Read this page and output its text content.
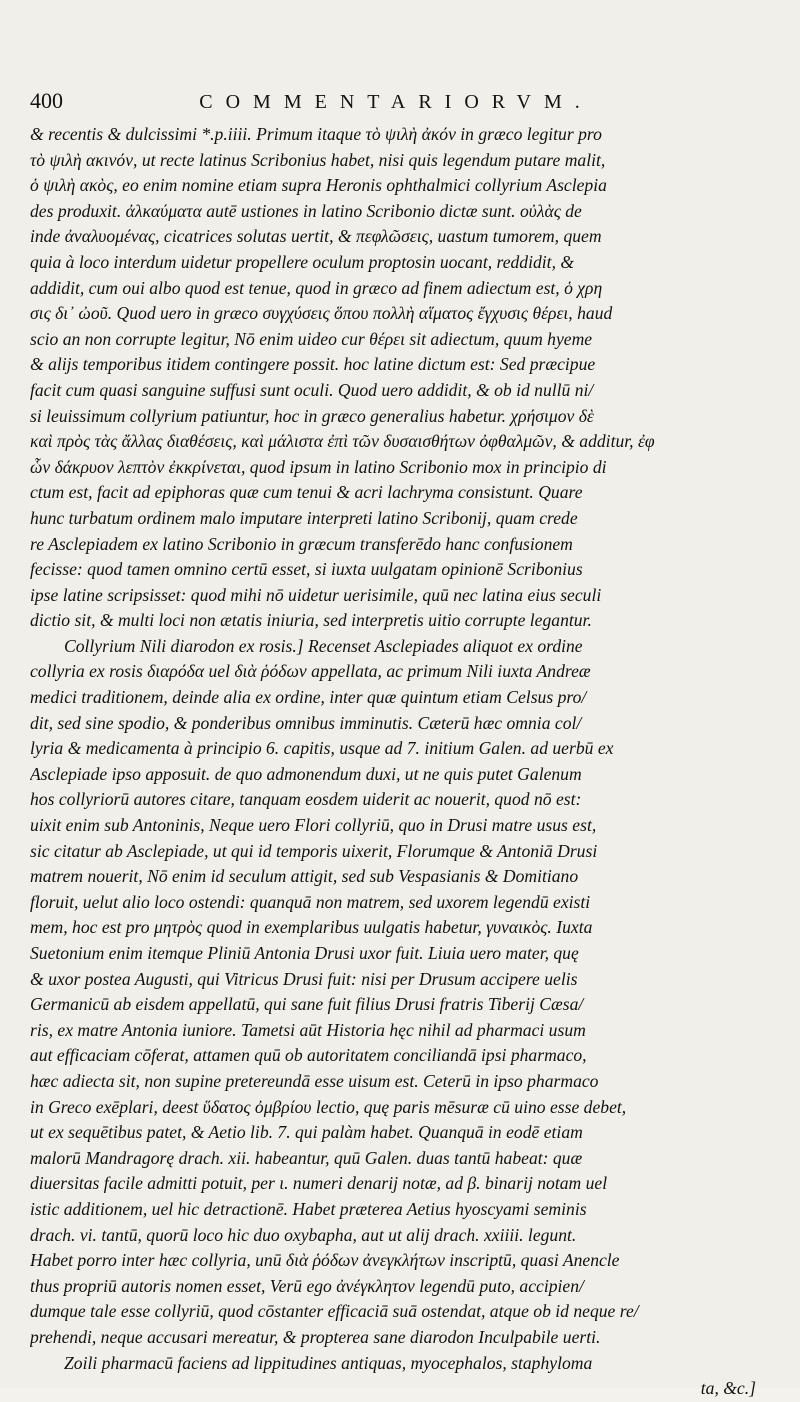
400	COMMENTARIORVM.
& recentis & dulcissimi *.p.iiii. Primum itaque τὸ ψιλὴ ἀκόν in græco legitur pro
τὸ ψιλὴ ακινόν, ut recte latinus Scribonius habet, nisi quis legendum putare malit,
ὁ ψιλὴ ακὸς, eo enim nomine etiam supra Heronis ophthalmici collyrium Asclepia
des produxit. ἀλκαύματα autē ustiones in latino Scribonio dictæ sunt. οὐλὰς de
inde ἀναλυομένας, cicatrices solutas uertit, & πεφλῶσεις, uastum tumorem, quem
quia à loco interdum uidetur propellere oculum proptosin uocant, reddidit, &
addidit, cum oui albo quod est tenue, quod in græco ad finem adiectum est, ὁ χρη
σις δι᾽ ὠοῦ. Quod uero in græco συγχύσεις ὅπου πολλὴ αἵματος ἔγχυσις θέρει, haud
scio an non corrupte legitur, Nō enim uideo cur θέρει sit adiectum, quum hyeme
& alijs temporibus itidem contingere possit. hoc latine dictum est: Sed præcipue
facit cum quasi sanguine suffusi sunt oculi. Quod uero addidit, & ob id nullū ni/
si leuissimum collyrium patiuntur, hoc in græco generalius habetur. χρήσιμον δὲ
καὶ πρὸς τὰς ἄλλας διαθέσεις, καὶ μάλιστα ἐπὶ τῶν δυσαισθήτων ὀφθαλμῶν, & additur, ἐφ
ὧν δάκρυον λεπτὸν ἐκκρίνεται, quod ipsum in latino Scribonio mox in principio di
ctum est, facit ad epiphoras quæ cum tenui & acri lachryma consistunt. Quare
hunc turbatum ordinem malo imputare interpreti latino Scribonij, quam crede
re Asclepiadem ex latino Scribonio in græcum transferēdo hanc confusionem
fecisse: quod tamen omnino certū esset, si iuxta uulgatam opinionē Scribonius
ipse latine scripsisset: quod mihi nō uidetur uerisimile, quū nec latina eius seculi
dictio sit, & multi loci non ætatis iniuria, sed interpretis uitio corrupte legantur.
Collyrium Nili diarodon ex rosis.] Recenset Asclepiades aliquot ex ordine
collyria ex rosis διαρόδα uel διὰ ῥόδων appellata, ac primum Nili iuxta Andreæ
medici traditionem, deinde alia ex ordine, inter quæ quintum etiam Celsus pro/
dit, sed sine spodio, & ponderibus omnibus imminutis. Cæterū hæc omnia col/
lyria & medicamenta à principio 6. capitis, usque ad 7. initium Galen. ad uerbū ex
Asclepiade ipso apposuit. de quo admonendum duxi, ut ne quis putet Galenum
hos collyriorū autores citare, tanquam eosdem uiderit ac nouerit, quod nō est:
uixit enim sub Antoninis, Neque uero Flori collyriū, quo in Drusi matre usus est,
sic citatur ab Asclepiade, ut qui id temporis uixerit, Florumque & Antoniā Drusi
matrem nouerit, Nō enim id seculum attigit, sed sub Vespasianis & Domitiano
floruit, uelut alio loco ostendi: quanquā non matrem, sed uxorem legendū existi
mem, hoc est pro μητρὸς quod in exemplaribus uulgatis habetur, γυναικὸς. Iuxta
Suetonium enim itemque Pliniū Antonia Drusi uxor fuit. Liuia uero mater, quę
& uxor postea Augusti, qui Vitricus Drusi fuit: nisi per Drusum accipere uelis
Germanicū ab eisdem appellatū, qui sane fuit filius Drusi fratris Tiberij Cæsa/
ris, ex matre Antonia iuniore. Tametsi aūt Historia hęc nihil ad pharmaci usum
aut efficaciam cōferat, attamen quū ob autoritatem conciliandā ipsi pharmaco,
hæc adiecta sit, non supine pretereundā esse uisum est. Ceterū in ipso pharmaco
in Greco exēplari, deest ὕδατος ὀμβρίου lectio, quę paris mēsuræ cū uino esse debet,
ut ex sequētibus patet, & Aetio lib. 7. qui palàm habet. Quanquā in eodē etiam
malorū Mandragorę drach. xii. habeantur, quū Galen. duas tantū habeat: quæ
diuersitas facile admitti potuit, per ι. numeri denarij notæ, ad β. binarij notam uel
istic additionem, uel hic detractionē. Habet præterea Aetius hyoscyami seminis
drach. vi. tantū, quorū loco hic duo oxybapha, aut ut alij drach. xxiiii. legunt.
Habet porro inter hæc collyria, unū διὰ ῥόδων ἀνεγκλήτων inscriptū, quasi Anencle
thus propriū autoris nomen esset, Verū ego ἀνέγκλητον legendū puto, accipien/
dumque tale esse collyriū, quod cōstanter efficaciā suā ostendat, atque ob id neque re/
prehendi, neque accusari mereatur, & propterea sane diarodon Inculpabile uerti.
Zoili pharmacū faciens ad lippitudines antiquas, myocephalos, staphyloma
ta, &c.]
